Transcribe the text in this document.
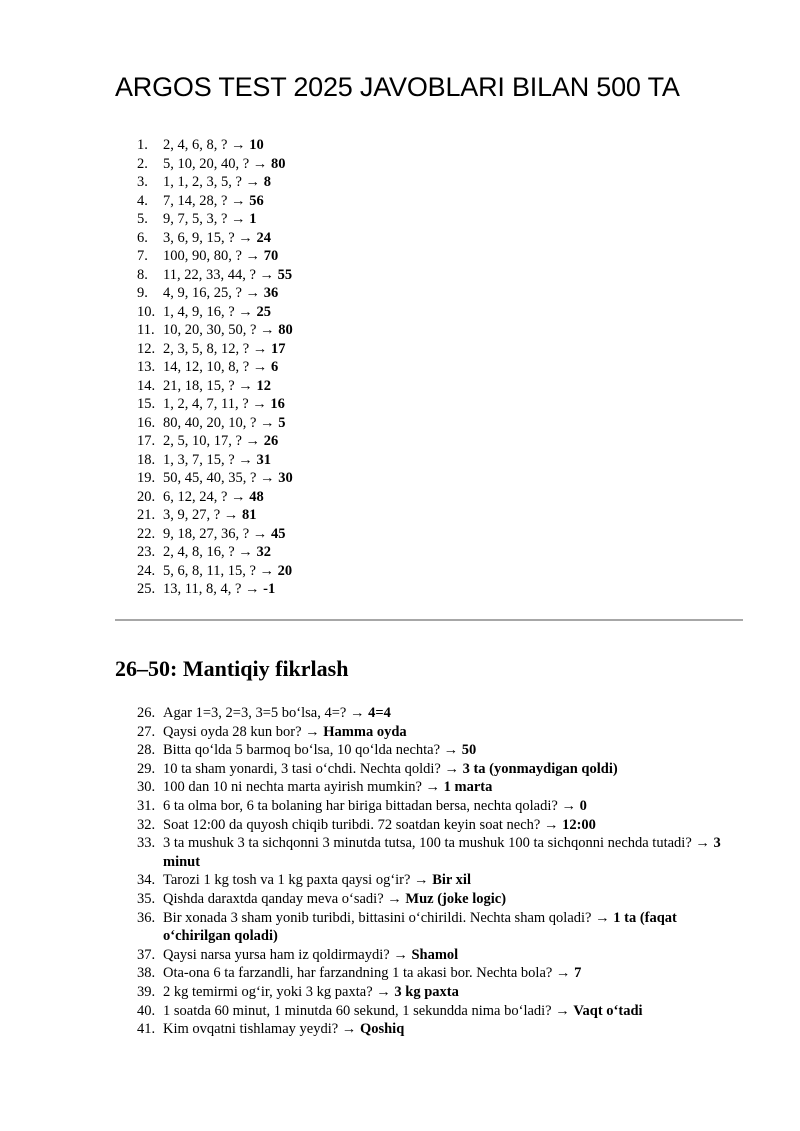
ARGOS TEST 2025 JAVOBLARI BILAN 500 TA
1. 2, 4, 6, 8, ? → 10
2. 5, 10, 20, 40, ? → 80
3. 1, 1, 2, 3, 5, ? → 8
4. 7, 14, 28, ? → 56
5. 9, 7, 5, 3, ? → 1
6. 3, 6, 9, 15, ? → 24
7. 100, 90, 80, ? → 70
8. 11, 22, 33, 44, ? → 55
9. 4, 9, 16, 25, ? → 36
10. 1, 4, 9, 16, ? → 25
11. 10, 20, 30, 50, ? → 80
12. 2, 3, 5, 8, 12, ? → 17
13. 14, 12, 10, 8, ? → 6
14. 21, 18, 15, ? → 12
15. 1, 2, 4, 7, 11, ? → 16
16. 80, 40, 20, 10, ? → 5
17. 2, 5, 10, 17, ? → 26
18. 1, 3, 7, 15, ? → 31
19. 50, 45, 40, 35, ? → 30
20. 6, 12, 24, ? → 48
21. 3, 9, 27, ? → 81
22. 9, 18, 27, 36, ? → 45
23. 2, 4, 8, 16, ? → 32
24. 5, 6, 8, 11, 15, ? → 20
25. 13, 11, 8, 4, ? → -1
26–50: Mantiqiy fikrlash
26. Agar 1=3, 2=3, 3=5 bo‘lsa, 4=? → 4=4
27. Qaysi oyda 28 kun bor? → Hamma oyda
28. Bitta qo‘lda 5 barmoq bo‘lsa, 10 qo‘lda nechta? → 50
29. 10 ta sham yonardi, 3 tasi o‘chdi. Nechta qoldi? → 3 ta (yonmaydigan qoldi)
30. 100 dan 10 ni nechta marta ayirish mumkin? → 1 marta
31. 6 ta olma bor, 6 ta bolaning har biriga bittadan bersa, nechta qoladi? → 0
32. Soat 12:00 da quyosh chiqib turibdi. 72 soatdan keyin soat nech? → 12:00
33. 3 ta mushuk 3 ta sichqonni 3 minutda tutsa, 100 ta mushuk 100 ta sichqonni nechda tutadi? → 3 minut
34. Tarozi 1 kg tosh va 1 kg paxta qaysi og‘ir? → Bir xil
35. Qishda daraxtda qanday meva o‘sadi? → Muz (joke logic)
36. Bir xonada 3 sham yonib turibdi, bittasini o‘chirildi. Nechta sham qoladi? → 1 ta (faqat o‘chirilgan qoladi)
37. Qaysi narsa yursa ham iz qoldirmaydi? → Shamol
38. Ota-ona 6 ta farzandli, har farzandning 1 ta akasi bor. Nechta bola? → 7
39. 2 kg temirmi og‘ir, yoki 3 kg paxta? → 3 kg paxta
40. 1 soatda 60 minut, 1 minutda 60 sekund, 1 sekundda nima bo‘ladi? → Vaqt o‘tadi
41. Kim ovqatni tishlamay yeydi? → Qoshiq
